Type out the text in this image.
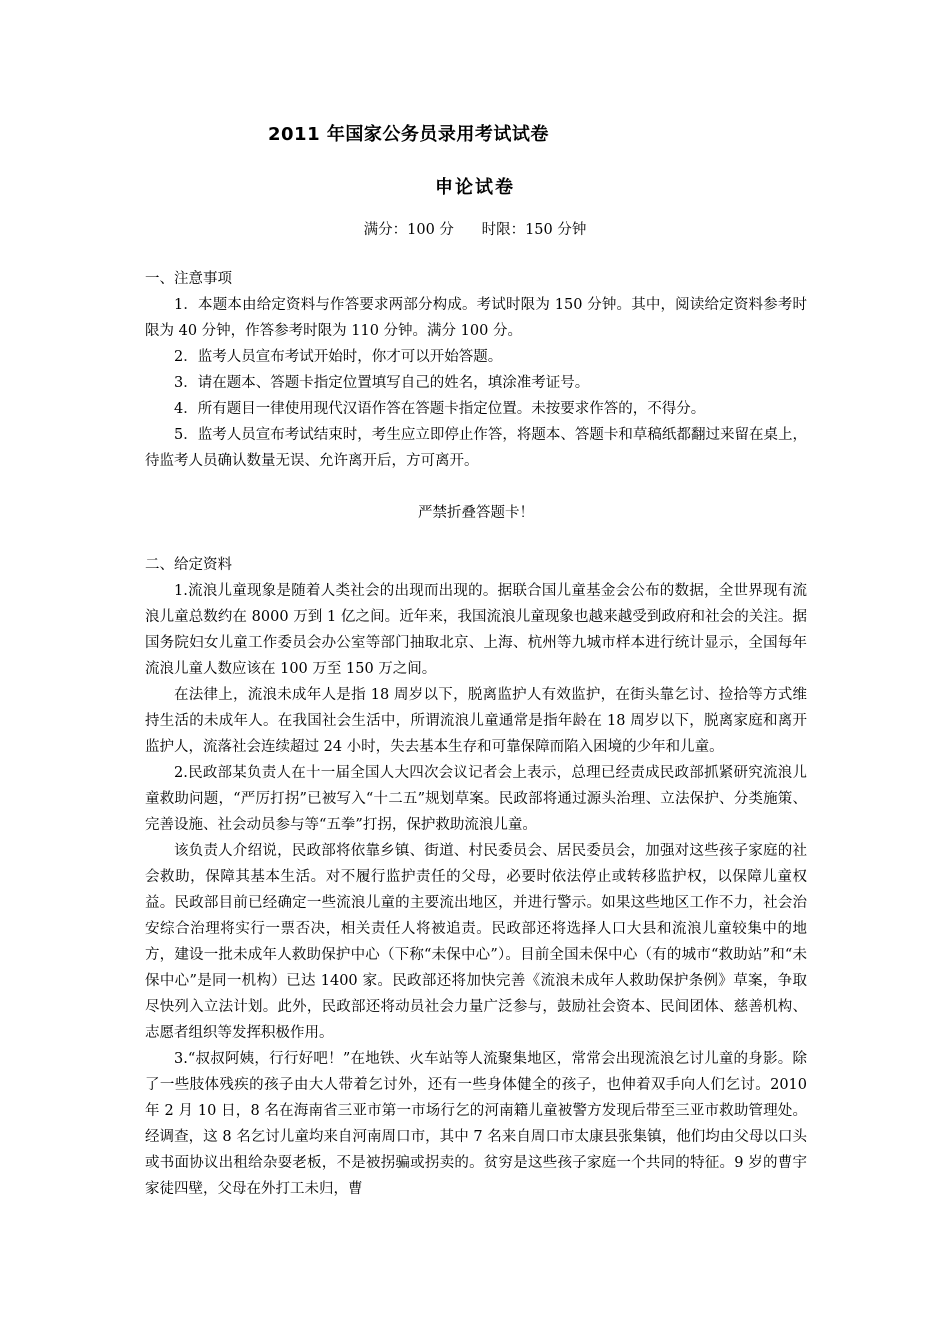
2011 年国家公务员录用考试试卷
申论试卷
满分：100 分      时限：150 分钟

一、注意事项

1．本题本由给定资料与作答要求两部分构成。考试时限为 150 分钟。其中，阅读给定资料参考时限为 40 分钟，作答参考时限为 110 分钟。满分 100 分。

2．监考人员宣布考试开始时，你才可以开始答题。

3．请在题本、答题卡指定位置填写自己的姓名，填涂准考证号。

4．所有题目一律使用现代汉语作答在答题卡指定位置。未按要求作答的，不得分。

5．监考人员宣布考试结束时，考生应立即停止作答，将题本、答题卡和草稿纸都翻过来留在桌上，待监考人员确认数量无误、允许离开后，方可离开。

严禁折叠答题卡！

二、给定资料

1.流浪儿童现象是随着人类社会的出现而出现的。据联合国儿童基金会公布的数据，全世界现有流浪儿童总数约在 8000 万到 1 亿之间。近年来，我国流浪儿童现象也越来越受到政府和社会的关注。据国务院妇女儿童工作委员会办公室等部门抽取北京、上海、杭州等九城市样本进行统计显示，全国每年流浪儿童人数应该在 100 万至 150 万之间。

在法律上，流浪未成年人是指 18 周岁以下，脱离监护人有效监护，在街头靠乞讨、捡拾等方式维持生活的未成年人。在我国社会生活中，所谓流浪儿童通常是指年龄在 18 周岁以下，脱离家庭和离开监护人，流落社会连续超过 24 小时，失去基本生存和可靠保障而陷入困境的少年和儿童。

2.民政部某负责人在十一届全国人大四次会议记者会上表示，总理已经责成民政部抓紧研究流浪儿童救助问题，“严厉打拐”已被写入“十二五”规划草案。民政部将通过源头治理、立法保护、分类施策、完善设施、社会动员参与等“五拳”打拐，保护救助流浪儿童。

该负责人介绍说，民政部将依靠乡镇、街道、村民委员会、居民委员会，加强对这些孩子家庭的社会救助，保障其基本生活。对不履行监护责任的父母，必要时依法停止或转移监护权，以保障儿童权益。民政部目前已经确定一些流浪儿童的主要流出地区，并进行警示。如果这些地区工作不力，社会治安综合治理将实行一票否决，相关责任人将被追责。民政部还将选择人口大县和流浪儿童较集中的地方，建设一批未成年人救助保护中心（下称“未保中心”）。目前全国未保中心（有的城市“救助站”和“未保中心”是同一机构）已达 1400 家。民政部还将加快完善《流浪未成年人救助保护条例》草案，争取尽快列入立法计划。此外，民政部还将动员社会力量广泛参与，鼓励社会资本、民间团体、慈善机构、志愿者组织等发挥积极作用。

3.“叔叔阿姨，行行好吧！”在地铁、火车站等人流聚集地区，常常会出现流浪乞讨儿童的身影。除了一些肢体残疾的孩子由大人带着乞讨外，还有一些身体健全的孩子，也伸着双手向人们乞讨。2010 年 2 月 10 日，8 名在海南省三亚市第一市场行乞的河南籍儿童被警方发现后带至三亚市救助管理处。经调查，这 8 名乞讨儿童均来自河南周口市，其中 7 名来自周口市太康县张集镇，他们均由父母以口头或书面协议出租给杂耍老板，不是被拐骗或拐卖的。贫穷是这些孩子家庭一个共同的特征。9 岁的曹宇家徒四壁，父母在外打工未归，曹
